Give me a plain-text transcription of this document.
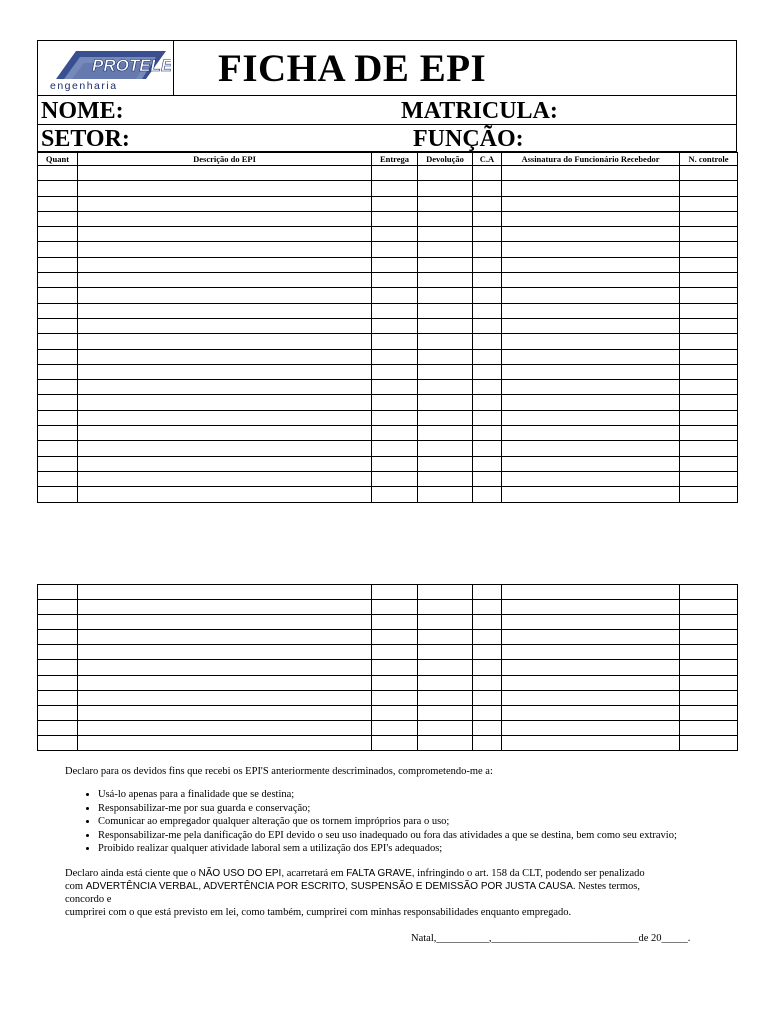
PROTELE
engenharia	FICHA DE EPI
NOME:	MATRICULA:
SETOR:	FUNÇÃO:
Quant	Descrição do EPI	Entrega	Devolução	C.A	Assinatura do Funcionário Recebedor	N. controle

Declaro para os devidos fins que recebi os EPI'S anteriormente descriminados, comprometendo-me a:
• Usá-lo apenas para a finalidade que se destina;
• Responsabilizar-me por sua guarda e conservação;
• Comunicar ao empregador qualquer alteração que os tornem impróprios para o uso;
• Responsabilizar-me pela danificação do EPI devido o seu uso inadequado ou fora das atividades a que se destina, bem como seu extravio;
• Proibido realizar qualquer atividade laboral sem a utilização dos EPI's adequados;
Declaro ainda está ciente que o NÃO USO DO EPI, acarretará em FALTA GRAVE, infringindo o art. 158 da CLT, podendo ser penalizado
com ADVERTÊNCIA VERBAL, ADVERTÊNCIA POR ESCRITO, SUSPENSÃO E DEMISSÃO POR JUSTA CAUSA. Nestes termos,
concordo e
cumprirei com o que está previsto em lei, como também, cumprirei com minhas responsabilidades enquanto empregado.
Natal,__________,____________________________de 20_____.
